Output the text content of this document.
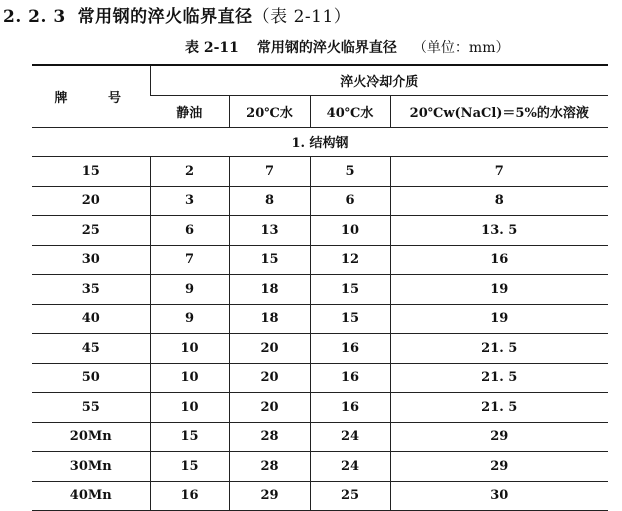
2. 2. 3 常用钢的淬火临界直径（表 2-11）
表 2-11 常用钢的淬火临界直径 （单位：mm）
牌 号	淬火冷却介质			
	静油	20℃水	40℃水	20℃w(NaCl)＝5%的水溶液
1. 结构钢				
15	2	7	5	7
20	3	8	6	8
25	6	13	10	13. 5
30	7	15	12	16
35	9	18	15	19
40	9	18	15	19
45	10	20	16	21. 5
50	10	20	16	21. 5
55	10	20	16	21. 5
20Mn	15	28	24	29
30Mn	15	28	24	29
40Mn	16	29	25	30
